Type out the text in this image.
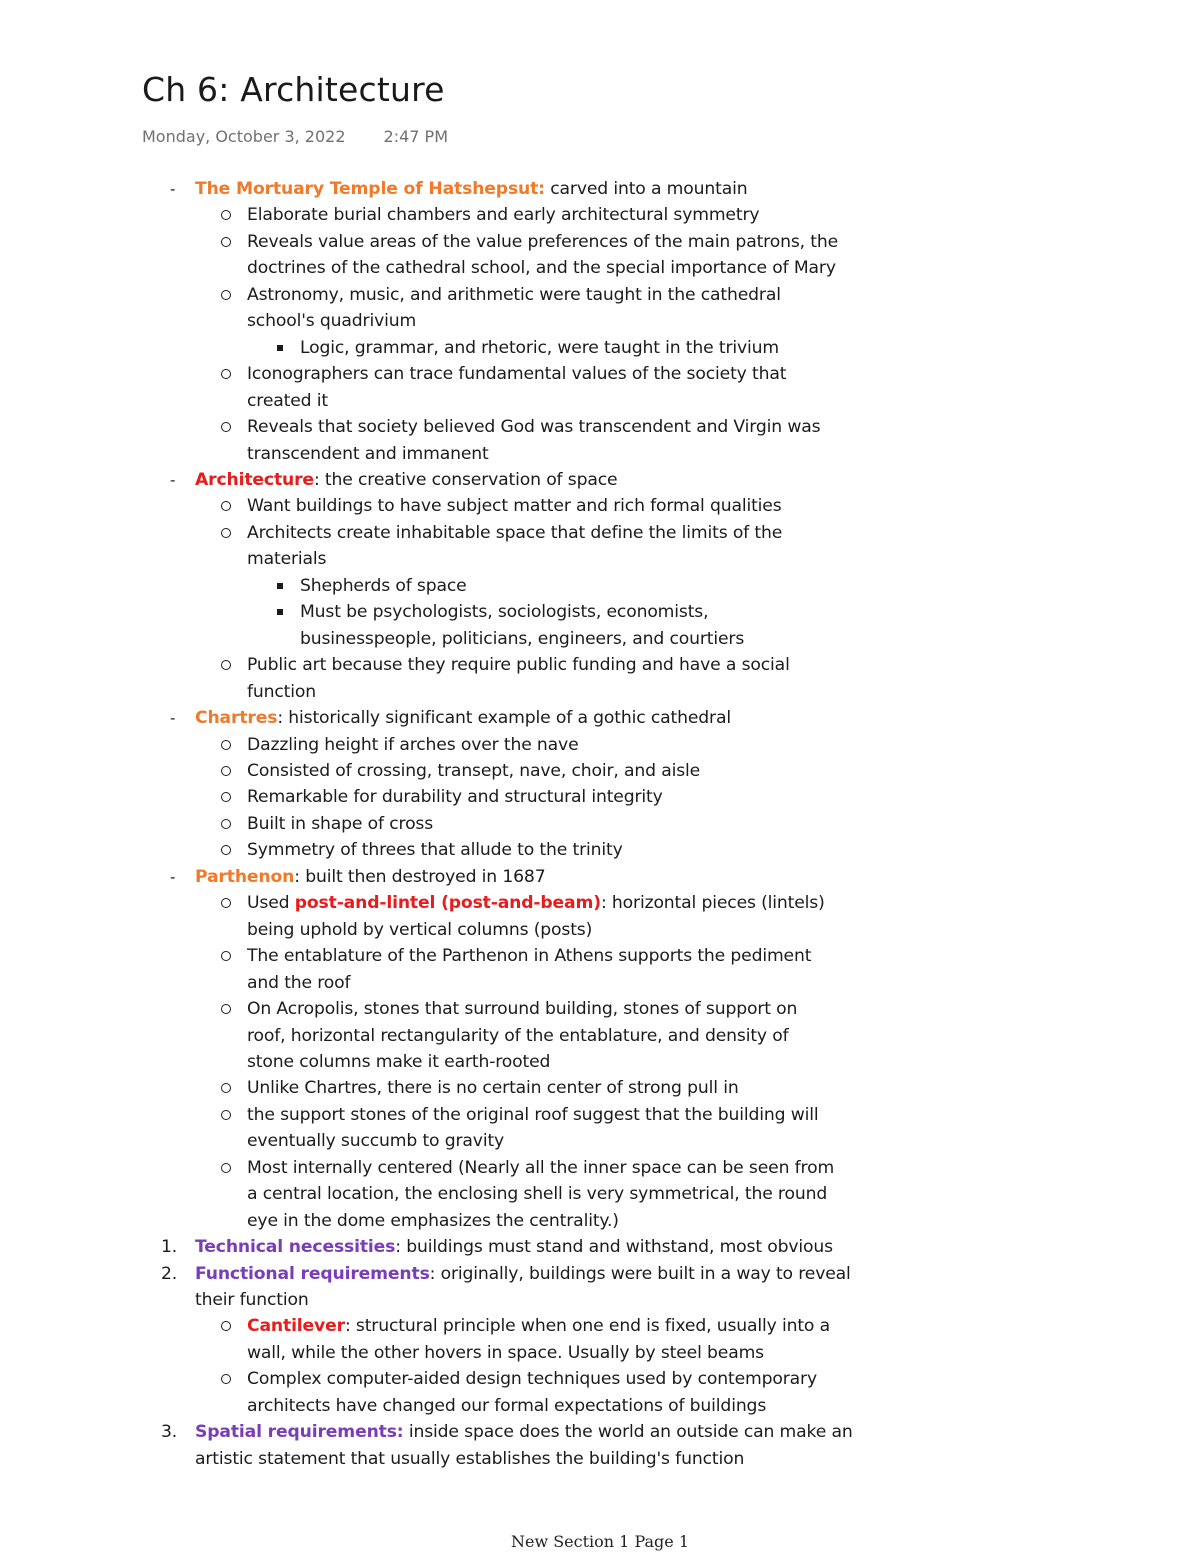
Ch 6: Architecture
Monday, October 3, 2022 2:47 PM
- The Mortuary Temple of Hatshepsut: carved into a mountain
Elaborate burial chambers and early architectural symmetry
Reveals value areas of the value preferences of the main patrons, the
doctrines of the cathedral school, and the special importance of Mary
Astronomy, music, and arithmetic were taught in the cathedral
school's quadrivium
Logic, grammar, and rhetoric, were taught in the trivium
Iconographers can trace fundamental values of the society that
created it
Reveals that society believed God was transcendent and Virgin was
transcendent and immanent
- Architecture: the creative conservation of space
Want buildings to have subject matter and rich formal qualities
Architects create inhabitable space that define the limits of the
materials
Shepherds of space
Must be psychologists, sociologists, economists,
businesspeople, politicians, engineers, and courtiers
Public art because they require public funding and have a social
function
- Chartres: historically significant example of a gothic cathedral
Dazzling height if arches over the nave
Consisted of crossing, transept, nave, choir, and aisle
Remarkable for durability and structural integrity
Built in shape of cross
Symmetry of threes that allude to the trinity
- Parthenon: built then destroyed in 1687
Used post-and-lintel (post-and-beam): horizontal pieces (lintels)
being uphold by vertical columns (posts)
The entablature of the Parthenon in Athens supports the pediment
and the roof
On Acropolis, stones that surround building, stones of support on
roof, horizontal rectangularity of the entablature, and density of
stone columns make it earth-rooted
Unlike Chartres, there is no certain center of strong pull in
the support stones of the original roof suggest that the building will
eventually succumb to gravity
Most internally centered (Nearly all the inner space can be seen from
a central location, the enclosing shell is very symmetrical, the round
eye in the dome emphasizes the centrality.)
1. Technical necessities: buildings must stand and withstand, most obvious
2. Functional requirements: originally, buildings were built in a way to reveal
their function
Cantilever: structural principle when one end is fixed, usually into a
wall, while the other hovers in space. Usually by steel beams
Complex computer-aided design techniques used by contemporary
architects have changed our formal expectations of buildings
3. Spatial requirements: inside space does the world an outside can make an
artistic statement that usually establishes the building's function
New Section 1 Page 1
